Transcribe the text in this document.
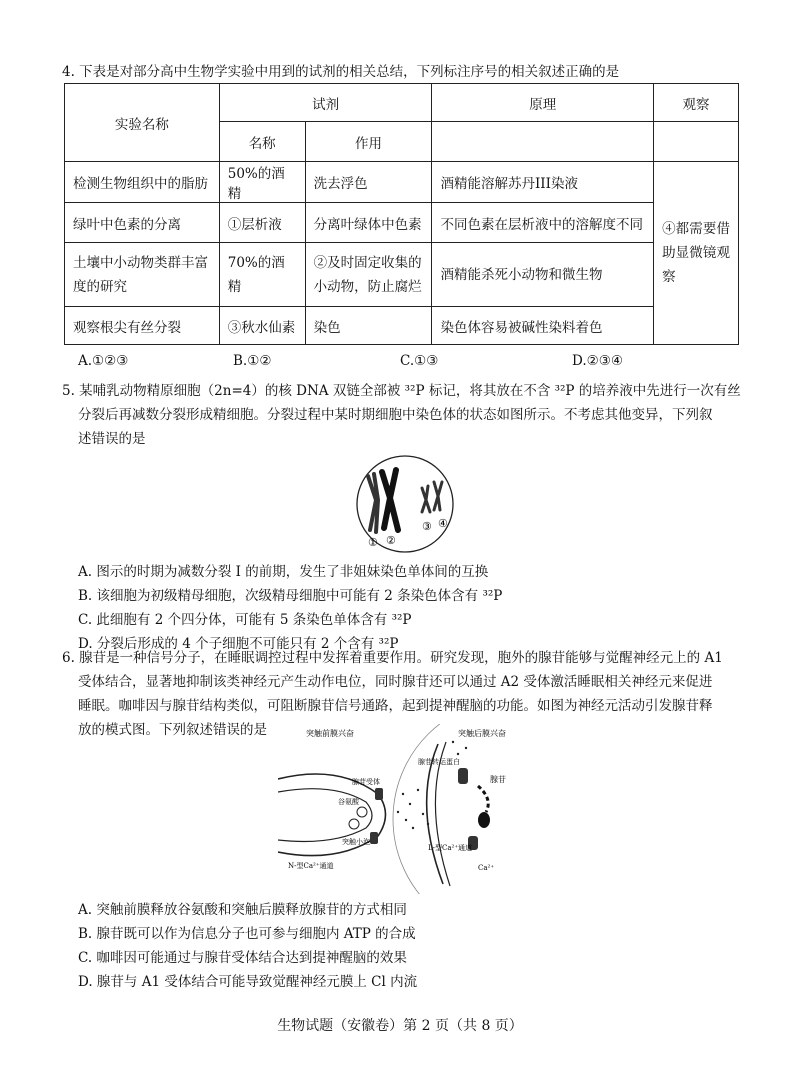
4. 下表是对部分高中生物学实验中用到的试剂的相关总结，下列标注序号的相关叙述正确的是
实验名称	试剂		原理	观察
	名称	作用		
检测生物组织中的脂肪	50%的酒精	洗去浮色	酒精能溶解苏丹III染液	④都需要借助显微镜观察
绿叶中色素的分离	①层析液	分离叶绿体中色素	不同色素在层析液中的溶解度不同	
土壤中小动物类群丰富度的研究	70%的酒精	②及时固定收集的小动物，防止腐烂	酒精能杀死小动物和微生物	
观察根尖有丝分裂	③秋水仙素	染色	染色体容易被碱性染料着色	
A.①②③	B.①②	C.①③	D.②③④
5. 某哺乳动物精原细胞（2n=4）的核 DNA 双链全部被 ³²P 标记，将其放在不含 ³²P 的培养液中先进行一次有丝
分裂后再减数分裂形成精细胞。分裂过程中某时期细胞中染色体的状态如图所示。不考虑其他变异，下列叙
述错误的是
① ②
③ ④
A. 图示的时期为减数分裂 I 的前期，发生了非姐妹染色单体间的互换
B. 该细胞为初级精母细胞，次级精母细胞中可能有 2 条染色体含有 ³²P
C. 此细胞有 2 个四分体，可能有 5 条染色单体含有 ³²P
D. 分裂后形成的 4 个子细胞不可能只有 2 个含有 ³²P
6. 腺苷是一种信号分子，在睡眠调控过程中发挥着重要作用。研究发现，胞外的腺苷能够与觉醒神经元上的 A1
受体结合，显著地抑制该类神经元产生动作电位，同时腺苷还可以通过 A2 受体激活睡眠相关神经元来促进
睡眠。咖啡因与腺苷结构类似，可阻断腺苷信号通路，起到提神醒脑的功能。如图为神经元活动引发腺苷释
放的模式图。下列叙述错误的是	突触前膜兴奋	突触后膜兴奋
腺苷转运蛋白
腺苷
腺苷受体
谷氨酸
突触小泡
N-型Ca²⁺通道
L-型Ca²⁺通道
Ca²⁺
A. 突触前膜释放谷氨酸和突触后膜释放腺苷的方式相同
B. 腺苷既可以作为信息分子也可参与细胞内 ATP 的合成
C. 咖啡因可能通过与腺苷受体结合达到提神醒脑的效果
D. 腺苷与 A1 受体结合可能导致觉醒神经元膜上 Cl 内流
生物试题（安徽卷）第 2 页（共 8 页）
